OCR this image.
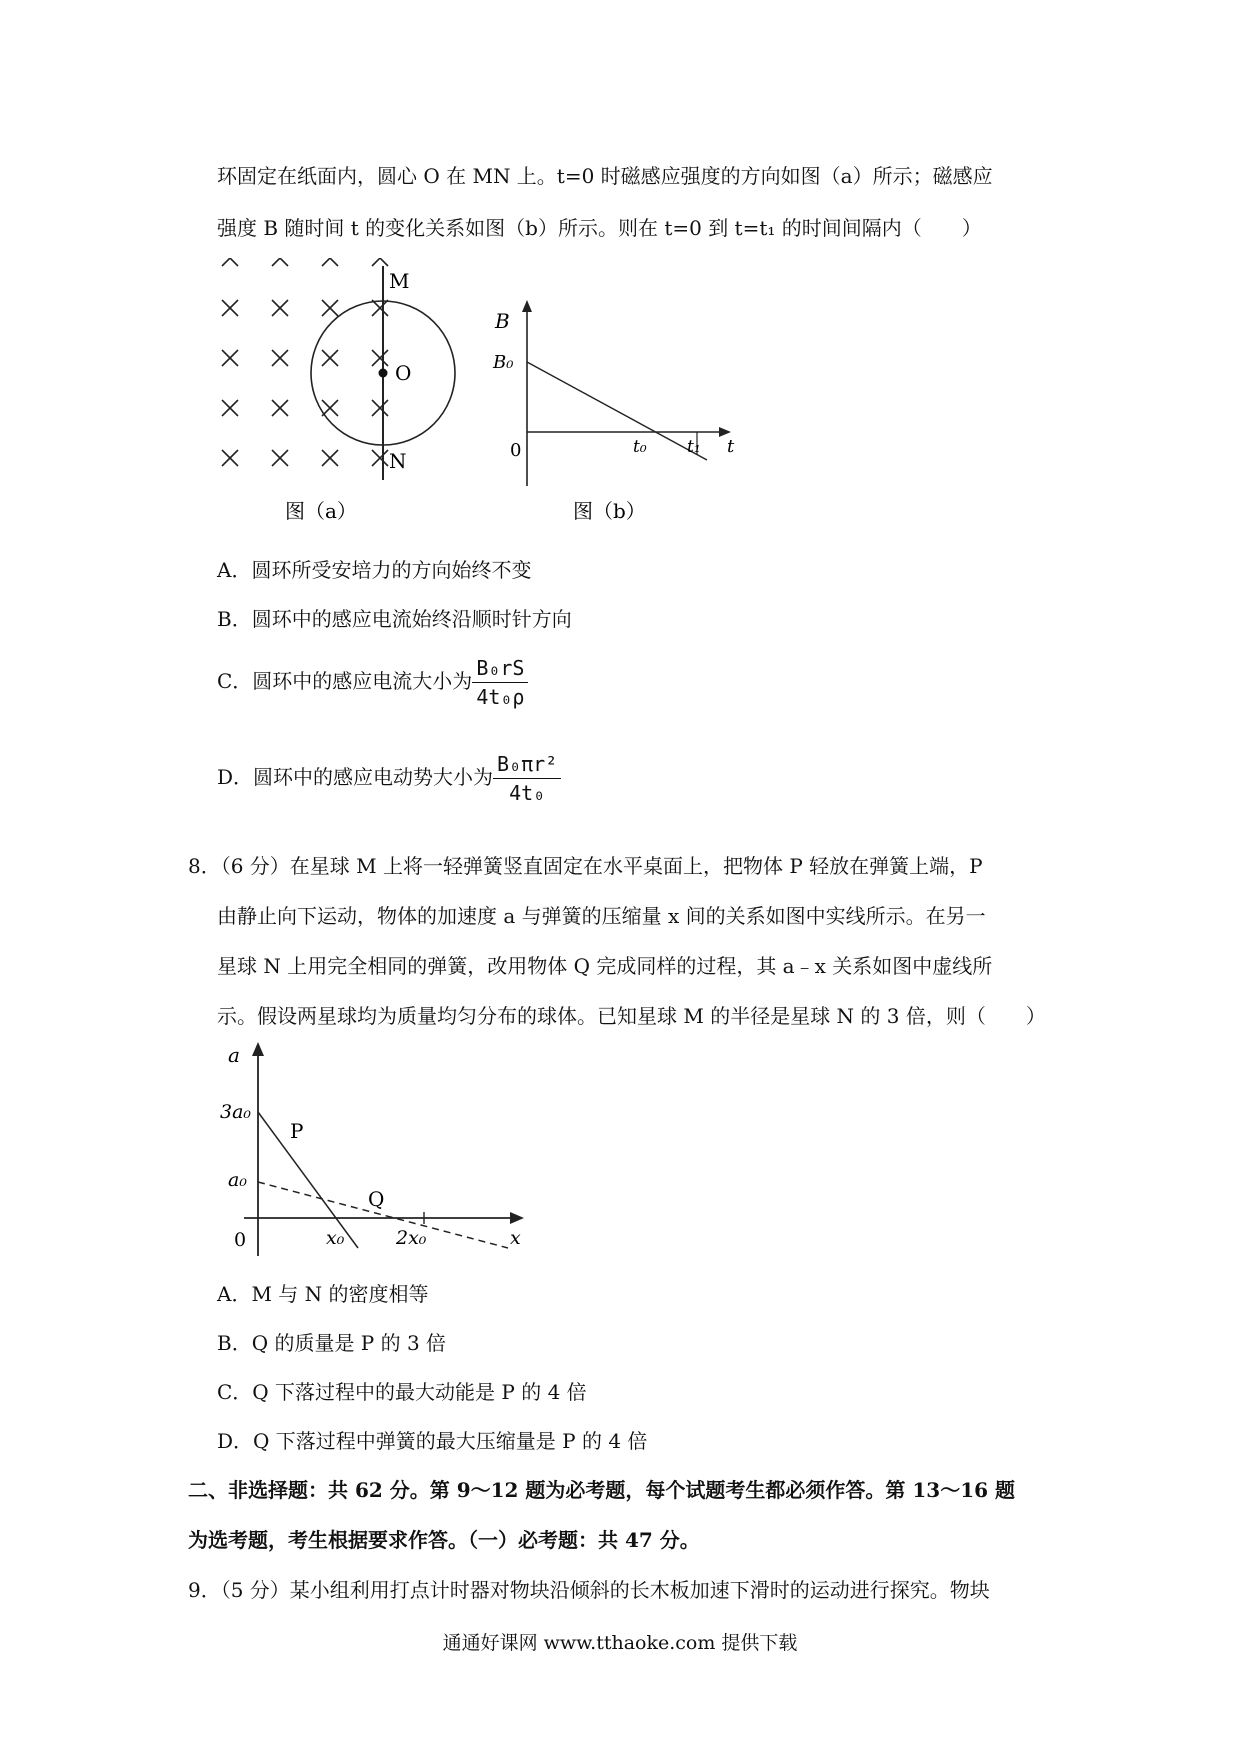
环固定在纸面内，圆心 O 在 MN 上。t=0 时磁感应强度的方向如图（a）所示；磁感应
强度 B 随时间 t 的变化关系如图（b）所示。则在 t=0 到 t=t₁ 的时间间隔内（　　）
M
O
N
图（a）
B
B₀
0	t₀ t₁ t
图（b）
A．圆环所受安培力的方向始终不变
B．圆环中的感应电流始终沿顺时针方向
C．圆环中的感应电流大小为 $\frac{\text{B₀rS}}{\text{4t₀ρ}}$
D．圆环中的感应电动势大小为 $\frac{\text{B₀πr²}}{\text{4t₀}}$
8．（6 分）在星球 M 上将一轻弹簧竖直固定在水平桌面上，把物体 P 轻放在弹簧上端，P
由静止向下运动，物体的加速度 a 与弹簧的压缩量 x 间的关系如图中实线所示。在另一
星球 N 上用完全相同的弹簧，改用物体 Q 完成同样的过程，其 a﹣x 关系如图中虚线所
示。假设两星球均为质量均匀分布的球体。已知星球 M 的半径是星球 N 的 3 倍，则（　　）
a
3a₀
a₀
0	x₀	2x₀	x
P
Q
A．M 与 N 的密度相等
B．Q 的质量是 P 的 3 倍
C．Q 下落过程中的最大动能是 P 的 4 倍
D．Q 下落过程中弹簧的最大压缩量是 P 的 4 倍
二、非选择题：共 62 分。第 9～12 题为必考题，每个试题考生都必须作答。第 13～16 题
为选考题，考生根据要求作答。（一）必考题：共 47 分。
9．（5 分）某小组利用打点计时器对物块沿倾斜的长木板加速下滑时的运动进行探究。物块
通通好课网 www.tthaoke.com 提供下载
